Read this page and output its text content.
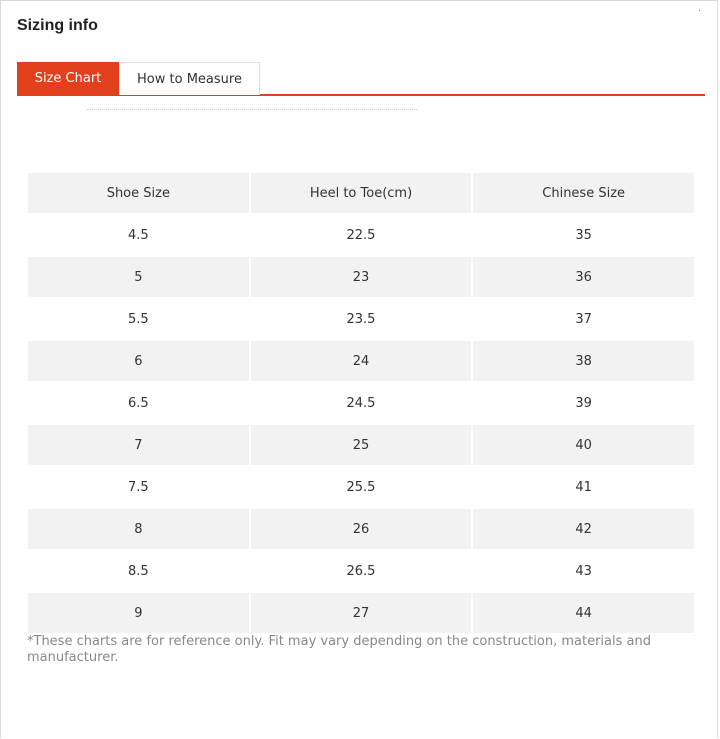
Sizing info
·
Size Chart	How to Measure
Shoe Size	Heel to Toe(cm)	Chinese Size
4.5	22.5	35
5	23	36
5.5	23.5	37
6	24	38
6.5	24.5	39
7	25	40
7.5	25.5	41
8	26	42
8.5	26.5	43
9	27	44
*These charts are for reference only. Fit may vary depending on the construction, materials and manufacturer.
